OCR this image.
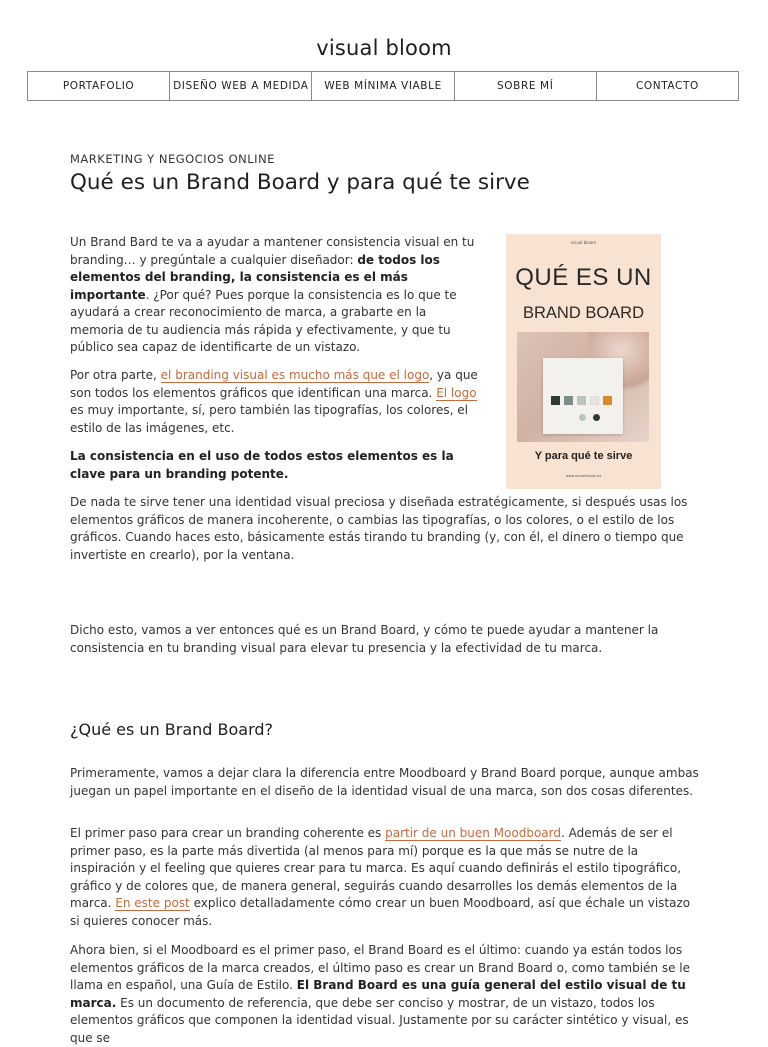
visual bloom
PORTAFOLIO	DISEÑO WEB A MEDIDA	WEB MÍNIMA VIABLE	SOBRE MÍ	CONTACTO
MARKETING Y NEGOCIOS ONLINE
Qué es un Brand Board y para qué te sirve

Un Brand Bard te va a ayudar a mantener consistencia visual en tu branding… y pregúntale a cualquier diseñador: de todos los elementos del branding, la consistencia es el más importante. ¿Por qué? Pues porque la consistencia es lo que te ayudará a crear reconocimiento de marca, a grabarte en la memoria de tu audiencia más rápida y efectivamente, y que tu público sea capaz de identificarte de un vistazo.

Por otra parte, el branding visual es mucho más que el logo, ya que son todos los elementos gráficos que identifican una marca. El logo es muy importante, sí, pero también las tipografías, los colores, el estilo de las imágenes, etc.

La consistencia en el uso de todos estos elementos es la clave para un branding potente.

De nada te sirve tener una identidad visual preciosa y diseñada estratégicamente, si después usas los elementos gráficos de manera incoherente, o cambias las tipografías, o los colores, o el estilo de los gráficos. Cuando haces esto, básicamente estás tirando tu branding (y, con él, el dinero o tiempo que invertiste en crearlo), por la ventana.

Dicho esto, vamos a ver entonces qué es un Brand Board, y cómo te puede ayudar a mantener la consistencia en tu branding visual para elevar tu presencia y la efectividad de tu marca.

¿Qué es un Brand Board?

Primeramente, vamos a dejar clara la diferencia entre Moodboard y Brand Board porque, aunque ambas juegan un papel importante en el diseño de la identidad visual de una marca, son dos cosas diferentes.

El primer paso para crear un branding coherente es partir de un buen Moodboard. Además de ser el primer paso, es la parte más divertida (al menos para mí) porque es la que más se nutre de la inspiración y el feeling que quieres crear para tu marca. Es aquí cuando definirás el estilo tipográfico, gráfico y de colores que, de manera general, seguirás cuando desarrolles los demás elementos de la marca. En este post explico detalladamente cómo crear un buen Moodboard, así que échale un vistazo si quieres conocer más.

Ahora bien, si el Moodboard es el primer paso, el Brand Board es el último: cuando ya están todos los elementos gráficos de la marca creados, el último paso es crear un Brand Board o, como también se le llama en español, una Guía de Estilo. El Brand Board es una guía general del estilo visual de tu marca. Es un documento de referencia, que debe ser conciso y mostrar, de un vistazo, todos los elementos gráficos que componen la identidad visual. Justamente por su carácter sintético y visual, es que se

visual bloom
QUÉ ES UN
BRAND BOARD
Y para qué te sirve
www.visualbloom.es
